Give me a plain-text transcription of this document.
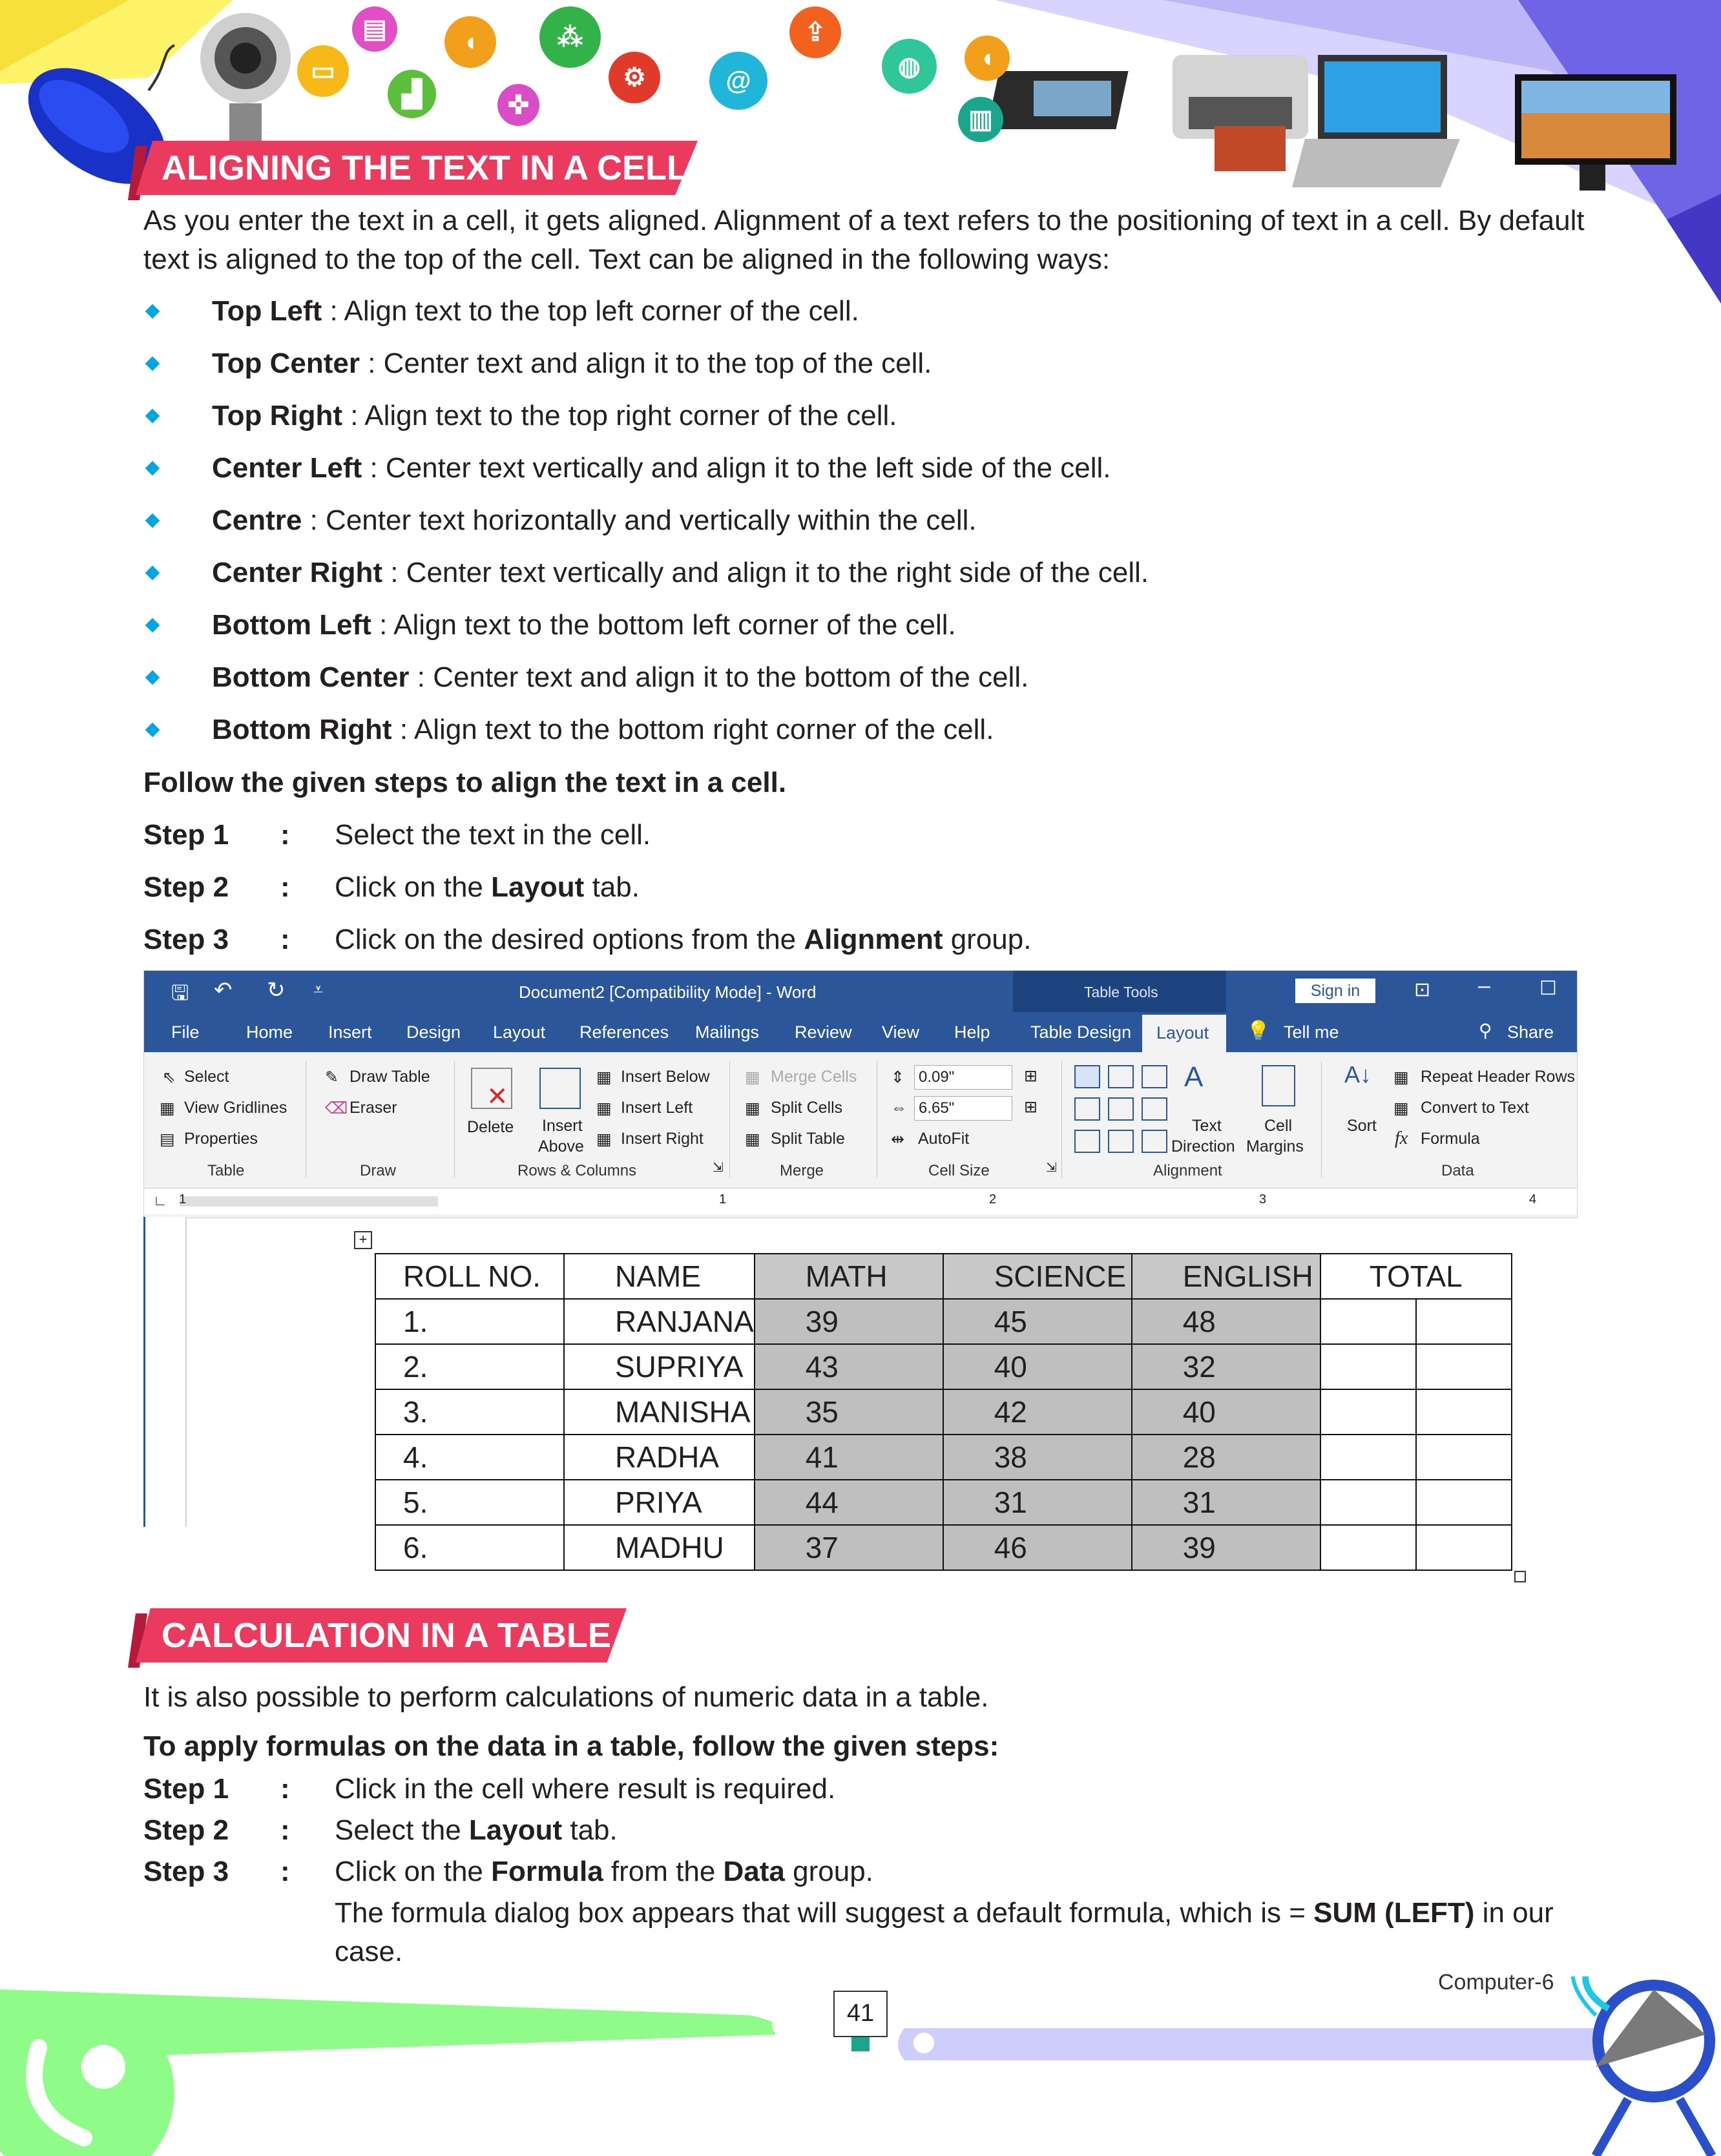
▭
▤	◖	⁂
▟	✜
⚙	@
⇪
◍	◖
▥
ALIGNING THE TEXT IN A CELL
As you enter the text in a cell, it gets aligned. Alignment of a text refers to the positioning of text in a cell. By default
text is aligned to the top of the cell. Text can be aligned in the following ways:
Top Left : Align text to the top left corner of the cell.
Top Center : Center text and align it to the top of the cell.
Top Right : Align text to the top right corner of the cell.
Center Left : Center text vertically and align it to the left side of the cell.
Centre : Center text horizontally and vertically within the cell.
Center Right : Center text vertically and align it to the right side of the cell.
Bottom Left : Align text to the bottom left corner of the cell.
Bottom Center : Center text and align it to the bottom of the cell.
Bottom Right : Align text to the bottom right corner of the cell.
Follow the given steps to align the text in a cell.
Step 1 : Select the text in the cell.
Step 2 : Click on the Layout tab.
Step 3 : Click on the desired options from the Alignment group.
🖫 ↶ ↻ ⩡	Document2 [Compatibility Mode] - Word	Table Tools	Sign in	⊡ –	☐
File	Home Insert Design Layout References Mailings Review View Help Table Design Layout 💡 Tell me	⚲ Share
⇖ Select
▦ View Gridlines
▤ Properties
Table
✎ Draw Table
⌫ Eraser
Draw
✕
Delete Insert
Above
▦ Insert Below
▦ Insert Left
▦ Insert Right
Rows & Columns	⇲
▦ Merge Cells
▦ Split Cells
▦ Split Table
Merge
⇕ 0.09"	⊞
⇔ 6.65"	⊞
⇹ AutoFit
Cell Size	⇲
A
Text
Direction
Cell
Margins
Alignment
A↓
Sort
▦ Repeat Header Rows
▦ Convert to Text
fx Formula
Data
∟ 1	1	2	3	4
+
ROLL NO.	NAME	MATH	SCIENCE	ENGLISH	TOTAL	
1.	RANJANA	39	45	48		
2.	SUPRIYA	43	40	32		
3.	MANISHA	35	42	40		
4.	RADHA	41	38	28		
5.	PRIYA	44	31	31		
6.	MADHU	37	46	39		
CALCULATION IN A TABLE
It is also possible to perform calculations of numeric data in a table.
To apply formulas on the data in a table, follow the given steps:
Step 1 : Click in the cell where result is required.
Step 2 : Select the Layout tab.
Step 3 : Click on the Formula from the Data group.
The formula dialog box appears that will suggest a default formula, which is = SUM (LEFT) in our
case.
Computer-6
41
